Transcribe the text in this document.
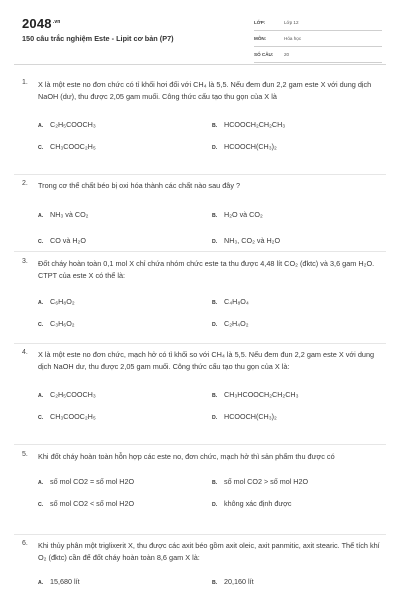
$2048^{.vn}$
150 câu trắc nghiệm Este - Lipit cơ bản (P7)
LỚP:	Lớp 12
MÔN:	Hóa học
SỐ CÂU:	20
1.	X là một este no đơn chức có tỉ khối hơi đối với CH₄ là 5,5. Nếu đem đun 2,2 gam este X với dung dịch NaOH (dư), thu được 2,05 gam muối. Công thức cấu tạo thu gọn của X là
A. C₂H₅COOCH₃	B. HCOOCH₂CH₂CH₃
C. CH₃COOC₂H₅	D. HCOOCH(CH₃)₂
2.	Trong cơ thể chất béo bị oxi hóa thành các chất nào sau đây ?
A. NH₃ và CO₂	B. H₂O và CO₂
C. CO và H₂O	D. NH₃, CO₂ và H₂O
3.	Đốt cháy hoàn toàn 0,1 mol X chỉ chứa nhóm chức este ta thu được 4,48 lít CO₂ (đktc) và 3,6 gam H₂O. CTPT của este X có thể là:
A. C₆H₈O₂	B. C₄H₈O₄
C. C₃H₆O₂	D. C₂H₄O₂
4.	X là một este no đơn chức, mạch hở có tỉ khối so với CH₄ là 5,5. Nếu đem đun 2,2 gam este X với dung dịch NaOH dư, thu được 2,05 gam muối. Công thức cấu tạo thu gọn của X là:
A. C₂H₅COOCH₃	B. CH₃HCOOCH₂CH₂CH₃
C. CH₃COOC₂H₅	D. HCOOCH(CH₃)₂
5.	Khi đốt cháy hoàn toàn hỗn hợp các este no, đơn chức, mạch hở thì sản phẩm thu được có
A. số mol CO2 = số mol H2O	B. số mol CO2 > số mol H2O
C. số mol CO2 < số mol H2O	D. không xác định được
6.	Khi thủy phân một triglixerit X, thu được các axit béo gồm axit oleic, axit panmitic, axit stearic. Thể tích khí O₂ (đktc) cần để đốt cháy hoàn toàn 8,6 gam X là:
A. 15,680 lít	B. 20,160 lít
